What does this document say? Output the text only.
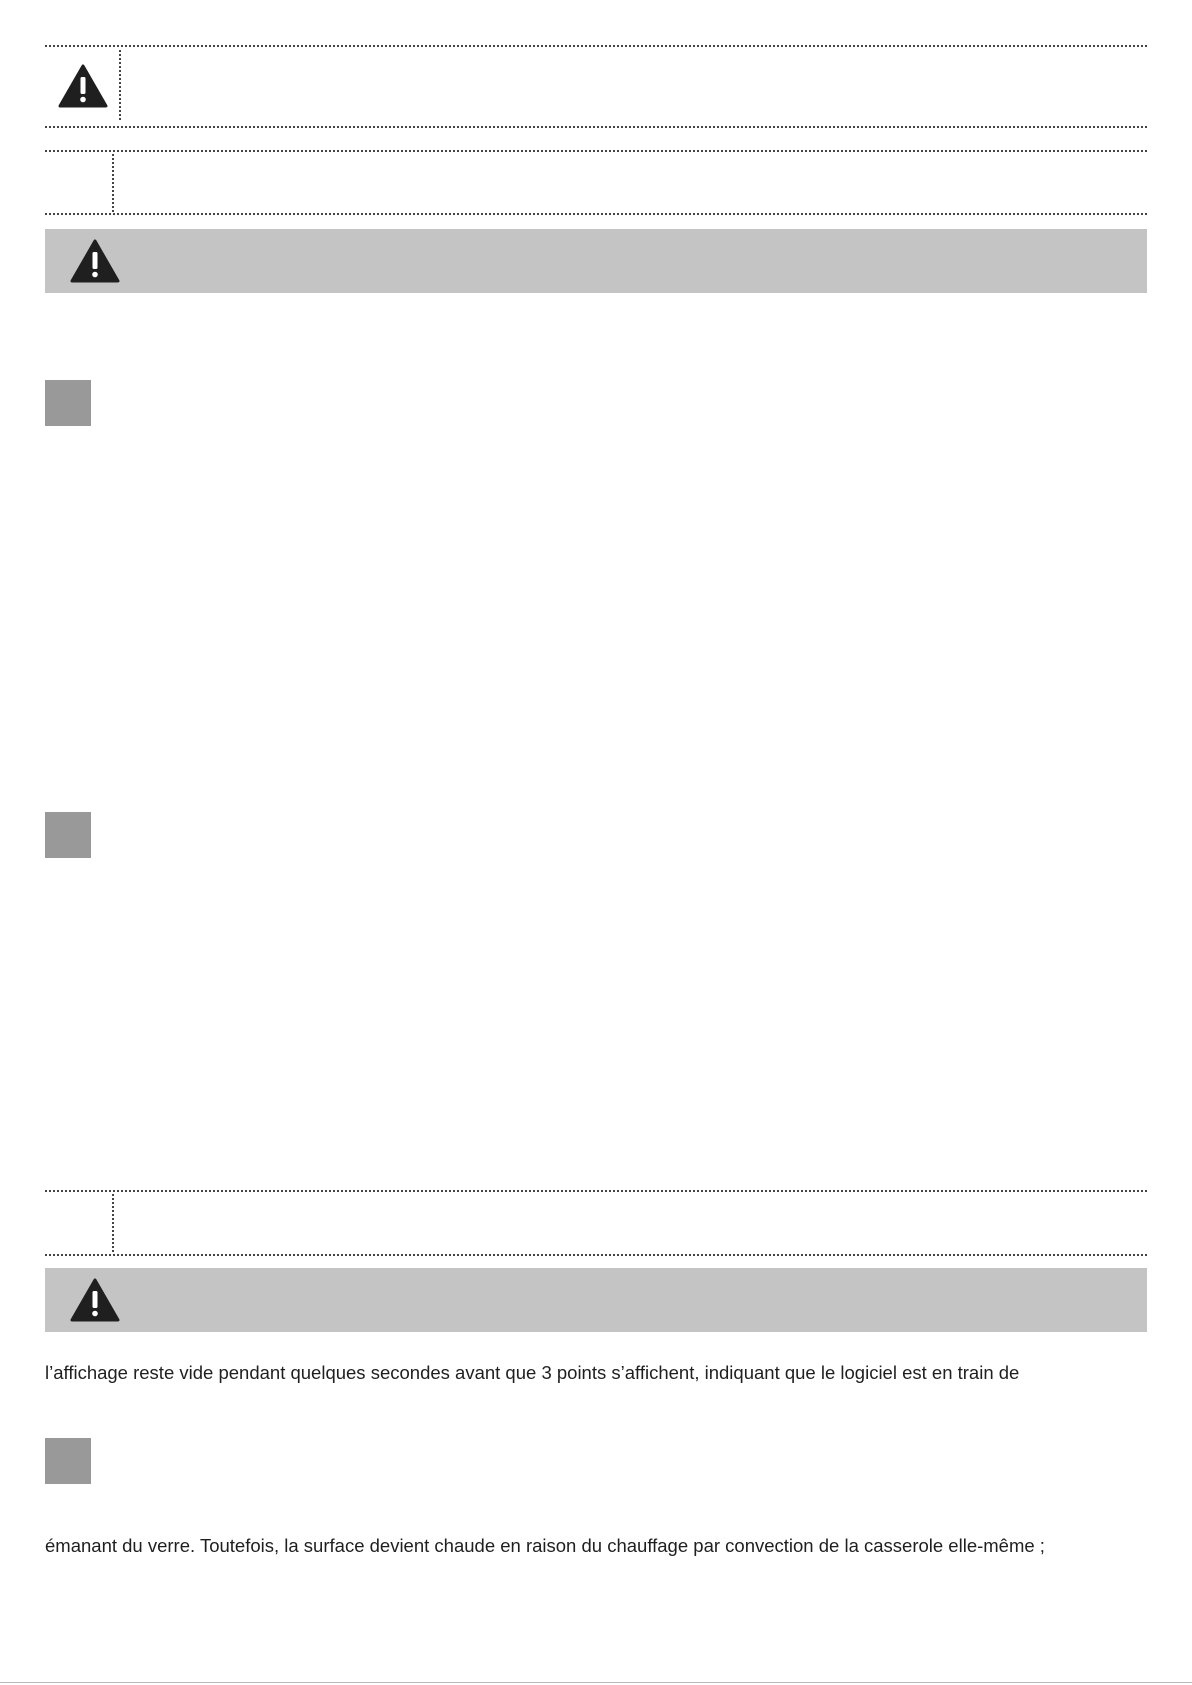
l’affichage reste vide pendant quelques secondes avant que 3 points s’affichent, indiquant que le logiciel est en train de
émanant du verre. Toutefois, la surface devient chaude en raison du chauffage par convection de la casserole elle-même ;
